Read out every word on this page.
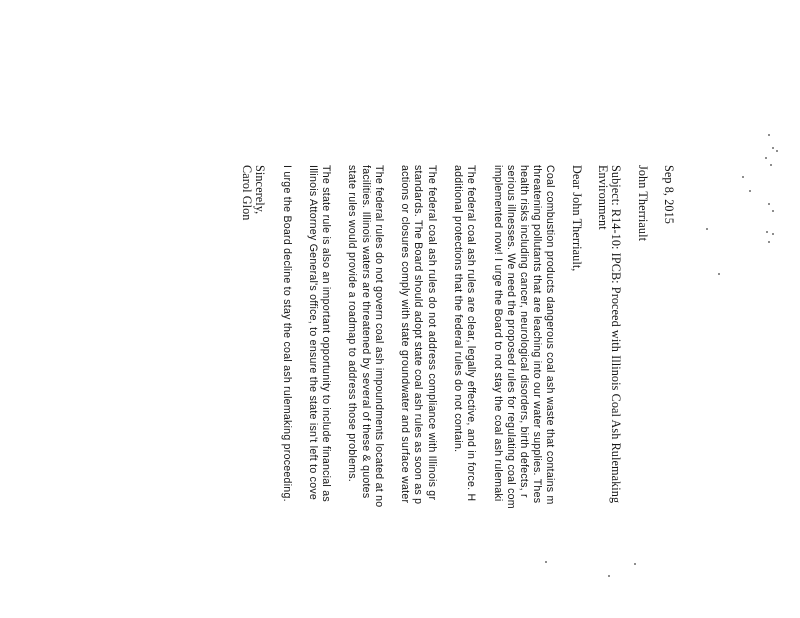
Sep 8, 2015
John Therriault
Subject: R14-10: IPCB: Proceed with Illinois Coal Ash Rulemaking
Environment
Dear John Therriault,
Coal combustion products dangerous coal ash waste that contains m
threatening pollutants that are leaching into our water supplies. Thes
health risks including cancer, neurological disorders, birth defects, r
serious illnesses. We need the proposed rules for regulating coal com
implemented now! I urge the Board to not stay the coal ash rulemaki
The federal coal ash rules are clear, legally effective, and in force. H
additional protections that the federal rules do not contain.
The federal coal ash rules do not address compliance with Illinois gr
standards. The Board should adopt state coal ash rules as soon as p
actions or closures comply with state groundwater and surface water
The federal rules do not govern coal ash impoundments located at no
facilities. Illinois waters are threatened by several of these & quotes
state rules would provide a roadmap to address those problems.
The state rule is also an important opportunity to include financial as
Illinois Attorney General's office, to ensure the state isn't left to cove
I urge the Board decline to stay the coal ash rulemaking proceeding.
Sincerely,
Carol Glon
